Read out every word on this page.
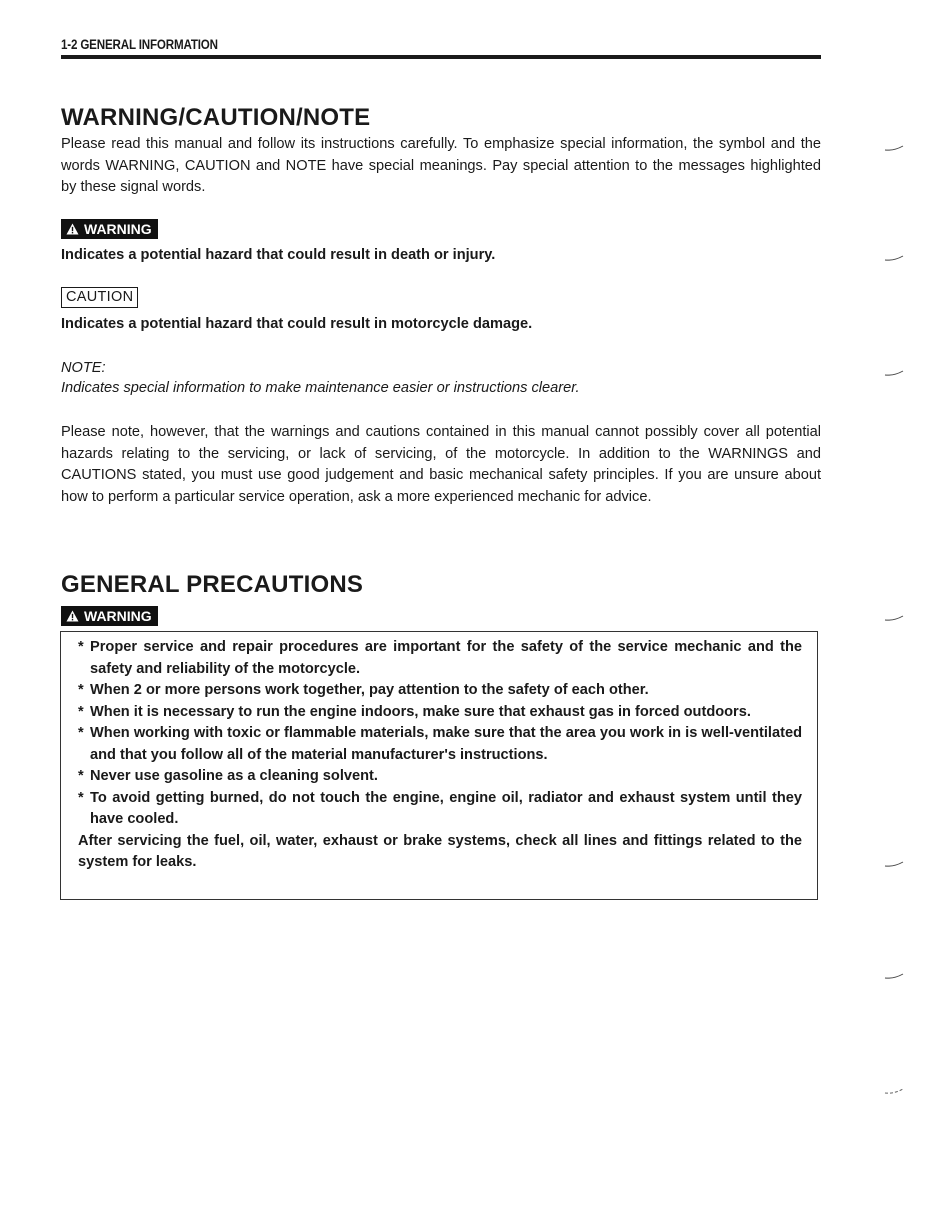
1-2 GENERAL INFORMATION
WARNING/CAUTION/NOTE

Please read this manual and follow its instructions carefully. To emphasize special information, the symbol and the words WARNING, CAUTION and NOTE have special meanings. Pay special attention to the messages highlighted by these signal words.

WARNING
Indicates a potential hazard that could result in death or injury.
CAUTION
Indicates a potential hazard that could result in motorcycle damage.
NOTE:
Indicates special information to make maintenance easier or instructions clearer.

Please note, however, that the warnings and cautions contained in this manual cannot possibly cover all potential hazards relating to the servicing, or lack of servicing, of the motorcycle. In addition to the WARNINGS and CAUTIONS stated, you must use good judgement and basic mechanical safety principles. If you are unsure about how to perform a particular service operation, ask a more experienced mechanic for advice.

GENERAL PRECAUTIONS
WARNING
* Proper service and repair procedures are important for the safety of the service mechanic and the safety and reliability of the motorcycle.
* When 2 or more persons work together, pay attention to the safety of each other.
* When it is necessary to run the engine indoors, make sure that exhaust gas in forced outdoors.
* When working with toxic or flammable materials, make sure that the area you work in is well-ventilated and that you follow all of the material manufacturer's instructions.
* Never use gasoline as a cleaning solvent.
* To avoid getting burned, do not touch the engine, engine oil, radiator and exhaust system until they have cooled.
After servicing the fuel, oil, water, exhaust or brake systems, check all lines and fittings related to the system for leaks.
